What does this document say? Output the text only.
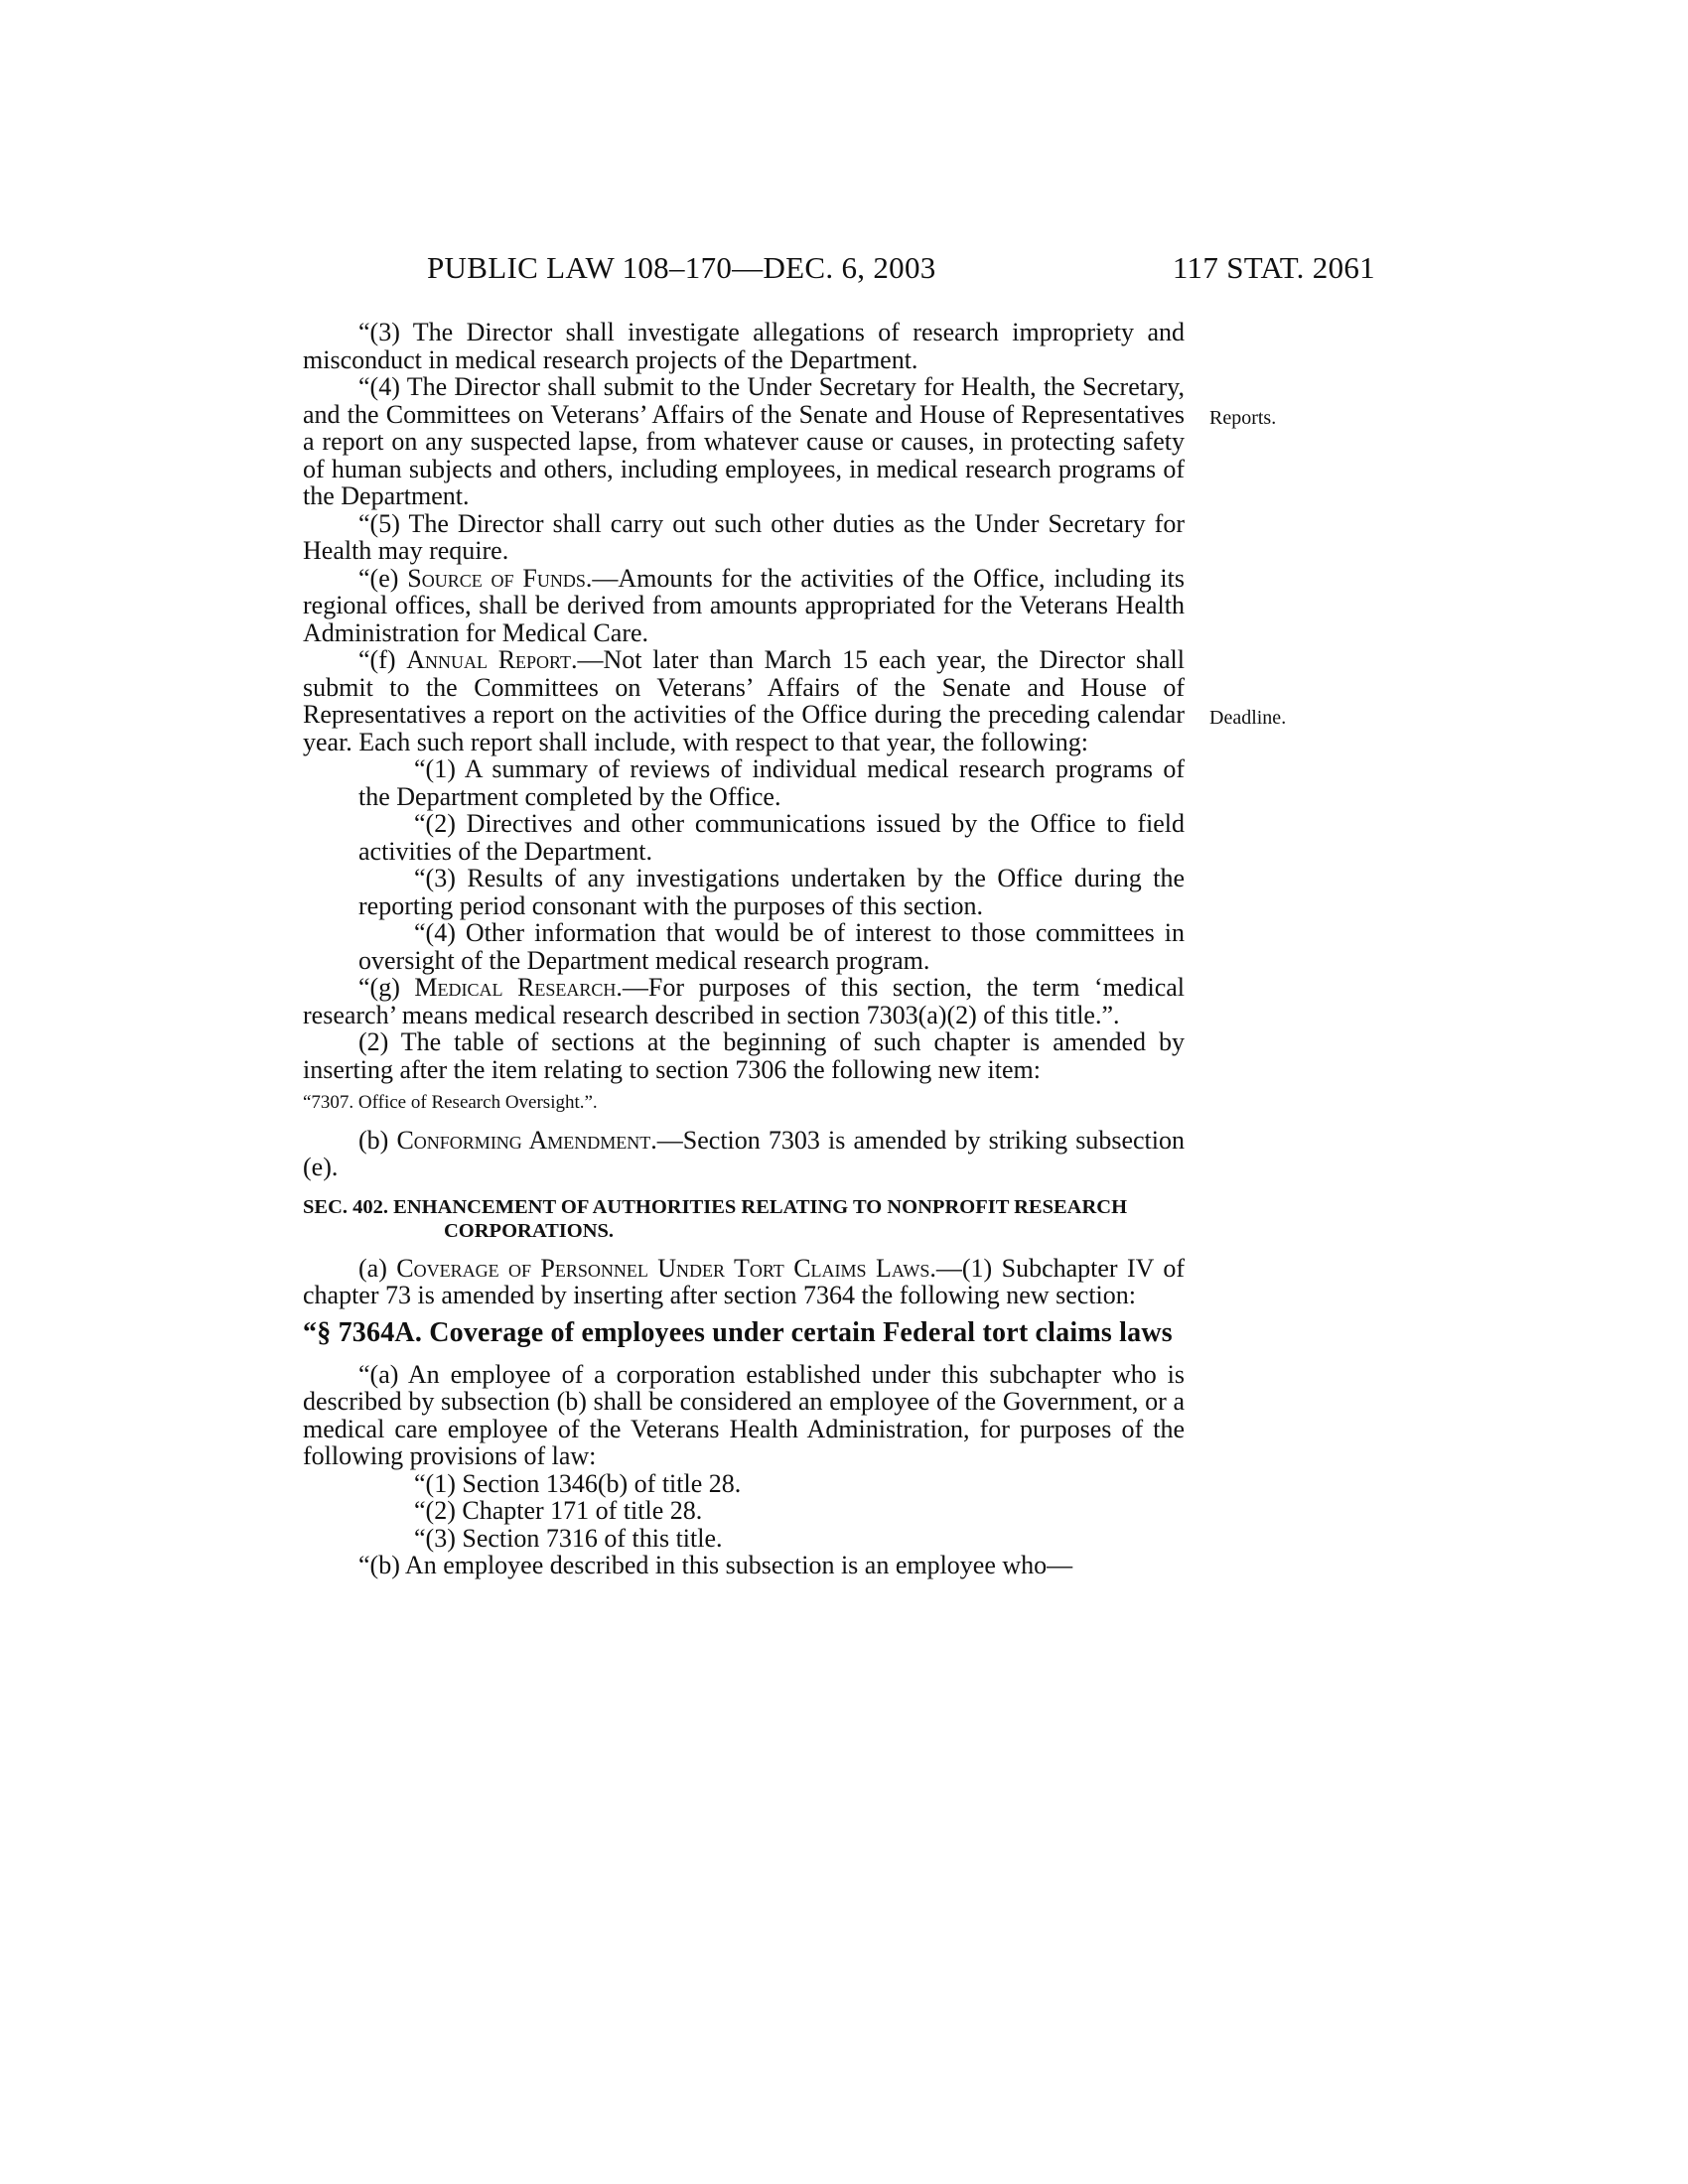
PUBLIC LAW 108–170—DEC. 6, 2003	117 STAT. 2061
Reports.
Deadline.

“(3) The Director shall investigate allegations of research impropriety and misconduct in medical research projects of the Department.

“(4) The Director shall submit to the Under Secretary for Health, the Secretary, and the Committees on Veterans’ Affairs of the Senate and House of Representatives a report on any suspected lapse, from whatever cause or causes, in protecting safety of human subjects and others, including employees, in medical research programs of the Department.

“(5) The Director shall carry out such other duties as the Under Secretary for Health may require.

“(e) Source of Funds.—Amounts for the activities of the Office, including its regional offices, shall be derived from amounts appropriated for the Veterans Health Administration for Medical Care.

“(f) Annual Report.—Not later than March 15 each year, the Director shall submit to the Committees on Veterans’ Affairs of the Senate and House of Representatives a report on the activities of the Office during the preceding calendar year. Each such report shall include, with respect to that year, the following:

“(1) A summary of reviews of individual medical research programs of the Department completed by the Office.

“(2) Directives and other communications issued by the Office to field activities of the Department.

“(3) Results of any investigations undertaken by the Office during the reporting period consonant with the purposes of this section.

“(4) Other information that would be of interest to those committees in oversight of the Department medical research program.

“(g) Medical Research.—For purposes of this section, the term ‘medical research’ means medical research described in section 7303(a)(2) of this title.”.

(2) The table of sections at the beginning of such chapter is amended by inserting after the item relating to section 7306 the following new item:

“7307. Office of Research Oversight.”.

(b) Conforming Amendment.—Section 7303 is amended by striking subsection (e).

SEC. 402. ENHANCEMENT OF AUTHORITIES RELATING TO NONPROFIT RESEARCH CORPORATIONS.

(a) Coverage of Personnel Under Tort Claims Laws.—(1) Subchapter IV of chapter 73 is amended by inserting after section 7364 the following new section:

“§ 7364A. Coverage of employees under certain Federal tort claims laws

“(a) An employee of a corporation established under this subchapter who is described by subsection (b) shall be considered an employee of the Government, or a medical care employee of the Veterans Health Administration, for purposes of the following provisions of law:

“(1) Section 1346(b) of title 28.

“(2) Chapter 171 of title 28.

“(3) Section 7316 of this title.

“(b) An employee described in this subsection is an employee who—
